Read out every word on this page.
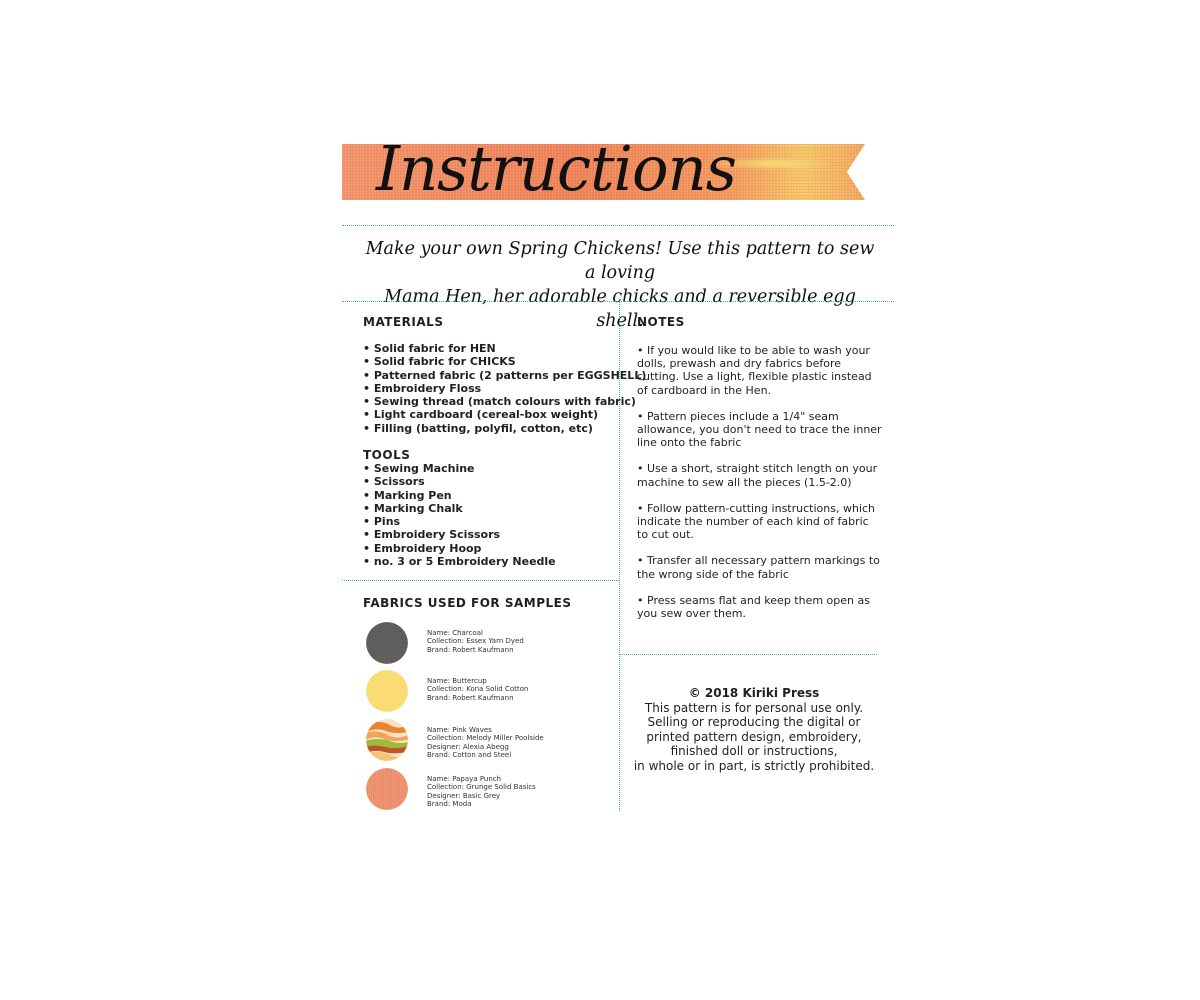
Instructions
Make your own Spring Chickens! Use this pattern to sew a loving
Mama Hen, her adorable chicks and a reversible egg shell.
MATERIALS
• Solid fabric for HEN
• Solid fabric for CHICKS
• Patterned fabric (2 patterns per EGGSHELL)
• Embroidery Floss
• Sewing thread (match colours with fabric)
• Light cardboard (cereal-box weight)
• Filling (batting, polyfil, cotton, etc)
TOOLS
• Sewing Machine
• Scissors
• Marking Pen
• Marking Chalk
• Pins
• Embroidery Scissors
• Embroidery Hoop
• no. 3 or 5 Embroidery Needle
FABRICS USED FOR SAMPLES
Name: Charcoal
Collection: Essex Yarn Dyed
Brand: Robert Kaufmann
Name: Buttercup
Collection: Kona Solid Cotton
Brand: Robert Kaufmann
Name: Pink Waves
Collection: Melody Miller Poolside
Designer: Alexia Abegg
Brand: Cotton and Steel
Name: Papaya Punch
Collection: Grunge Solid Basics
Designer: Basic Grey
Brand: Moda
NOTES
• If you would like to be able to wash your dolls, prewash and dry fabrics before cutting. Use a light, flexible plastic instead of cardboard in the Hen.
• Pattern pieces include a 1/4" seam allowance, you don't need to trace the inner line onto the fabric
• Use a short, straight stitch length on your machine to sew all the pieces (1.5-2.0)
• Follow pattern-cutting instructions, which indicate the number of each kind of fabric to cut out.
• Transfer all necessary pattern markings to the wrong side of the fabric
• Press seams flat and keep them open as you sew over them.
© 2018 Kiriki Press
This pattern is for personal use only.
Selling or reproducing the digital or
printed pattern design, embroidery,
finished doll or instructions,
in whole or in part, is strictly prohibited.
